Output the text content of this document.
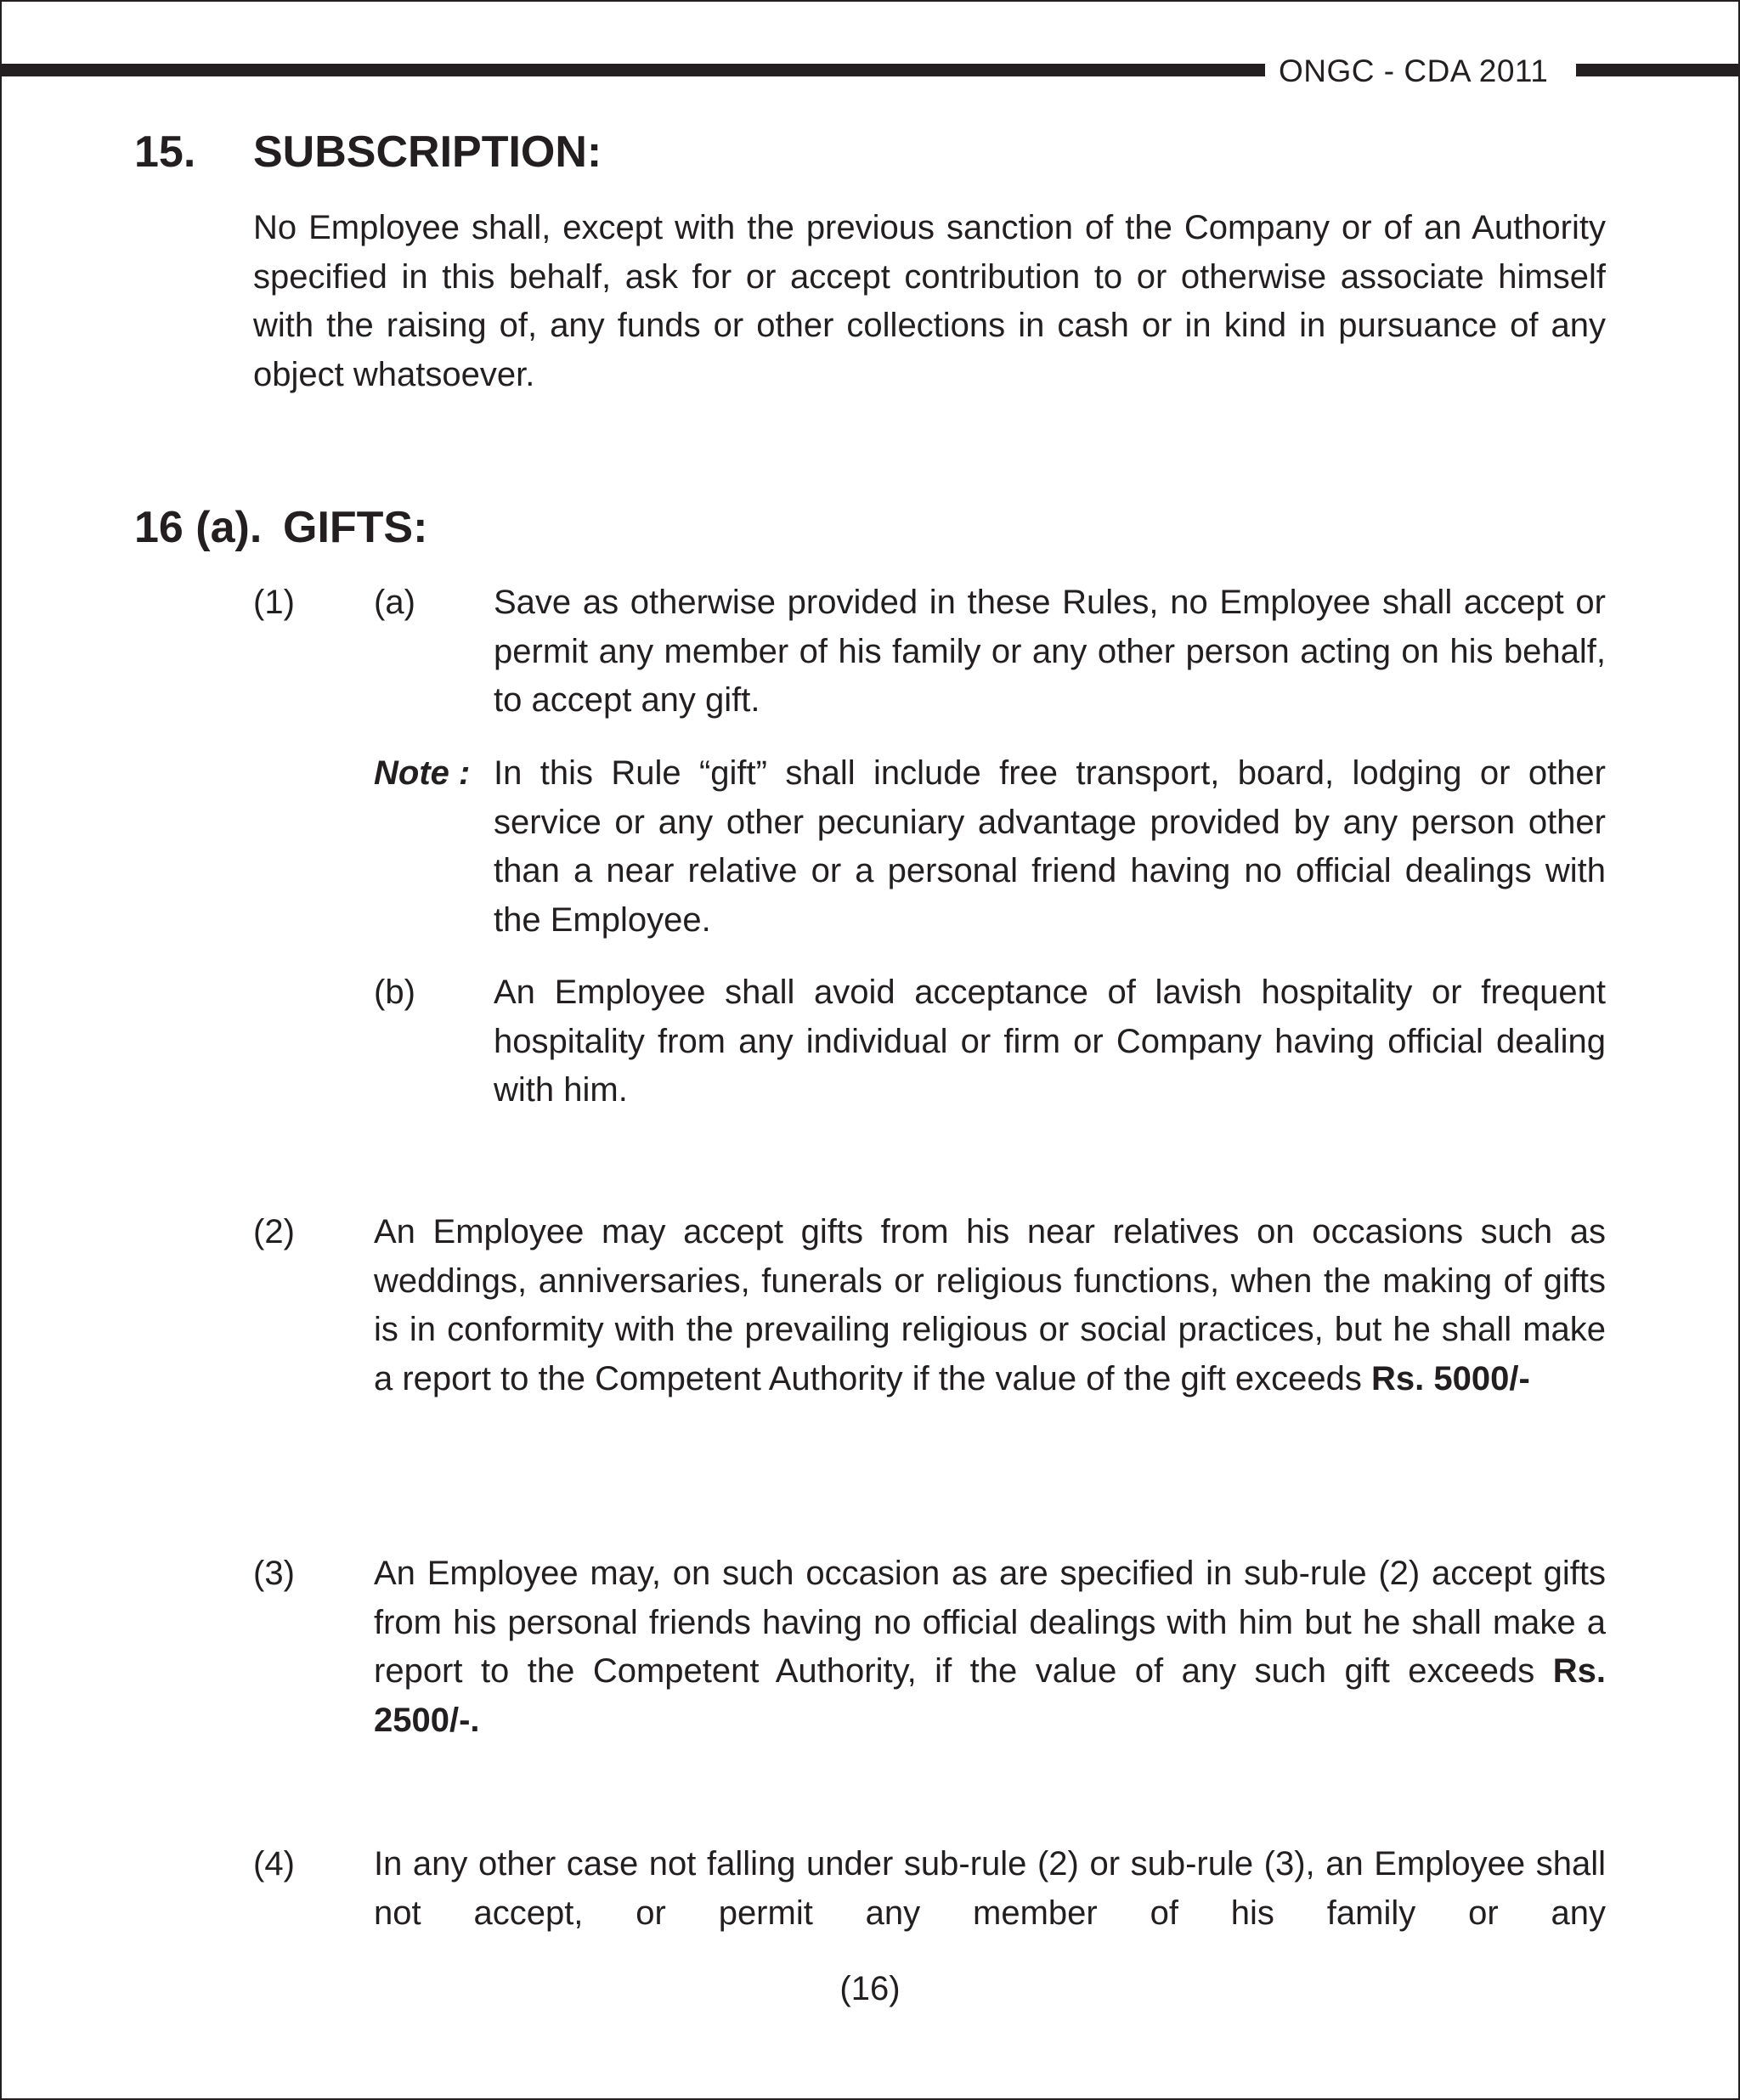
ONGC - CDA 2011
15. SUBSCRIPTION:
No Employee shall, except with the previous sanction of the Company or of an Authority specified in this behalf, ask for or accept contribution to or otherwise associate himself with the raising of, any funds or other collections in cash or in kind in pursuance of any object whatsoever.
16 (a). GIFTS:
(1) (a) Save as otherwise provided in these Rules, no Employee shall accept or permit any member of his family or any other person acting on his behalf, to accept any gift.
Note : In this Rule “gift” shall include free transport, board, lodging or other service or any other pecuniary advantage provided by any person other than a near relative or a personal friend having no official dealings with the Employee.
(b) An Employee shall avoid acceptance of lavish hospitality or frequent hospitality from any individual or firm or Company having official dealing with him.
(2) An Employee may accept gifts from his near relatives on occasions such as weddings, anniversaries, funerals or religious functions, when the making of gifts is in conformity with the prevailing religious or social practices, but he shall make a report to the Competent Authority if the value of the gift exceeds Rs. 5000/-
(3) An Employee may, on such occasion as are specified in sub-rule (2) accept gifts from his personal friends having no official dealings with him but he shall make a report to the Competent Authority, if the value of any such gift exceeds Rs. 2500/-.
(4) In any other case not falling under sub-rule (2) or sub-rule (3), an Employee shall not accept, or permit any member of his family or any
(16)
